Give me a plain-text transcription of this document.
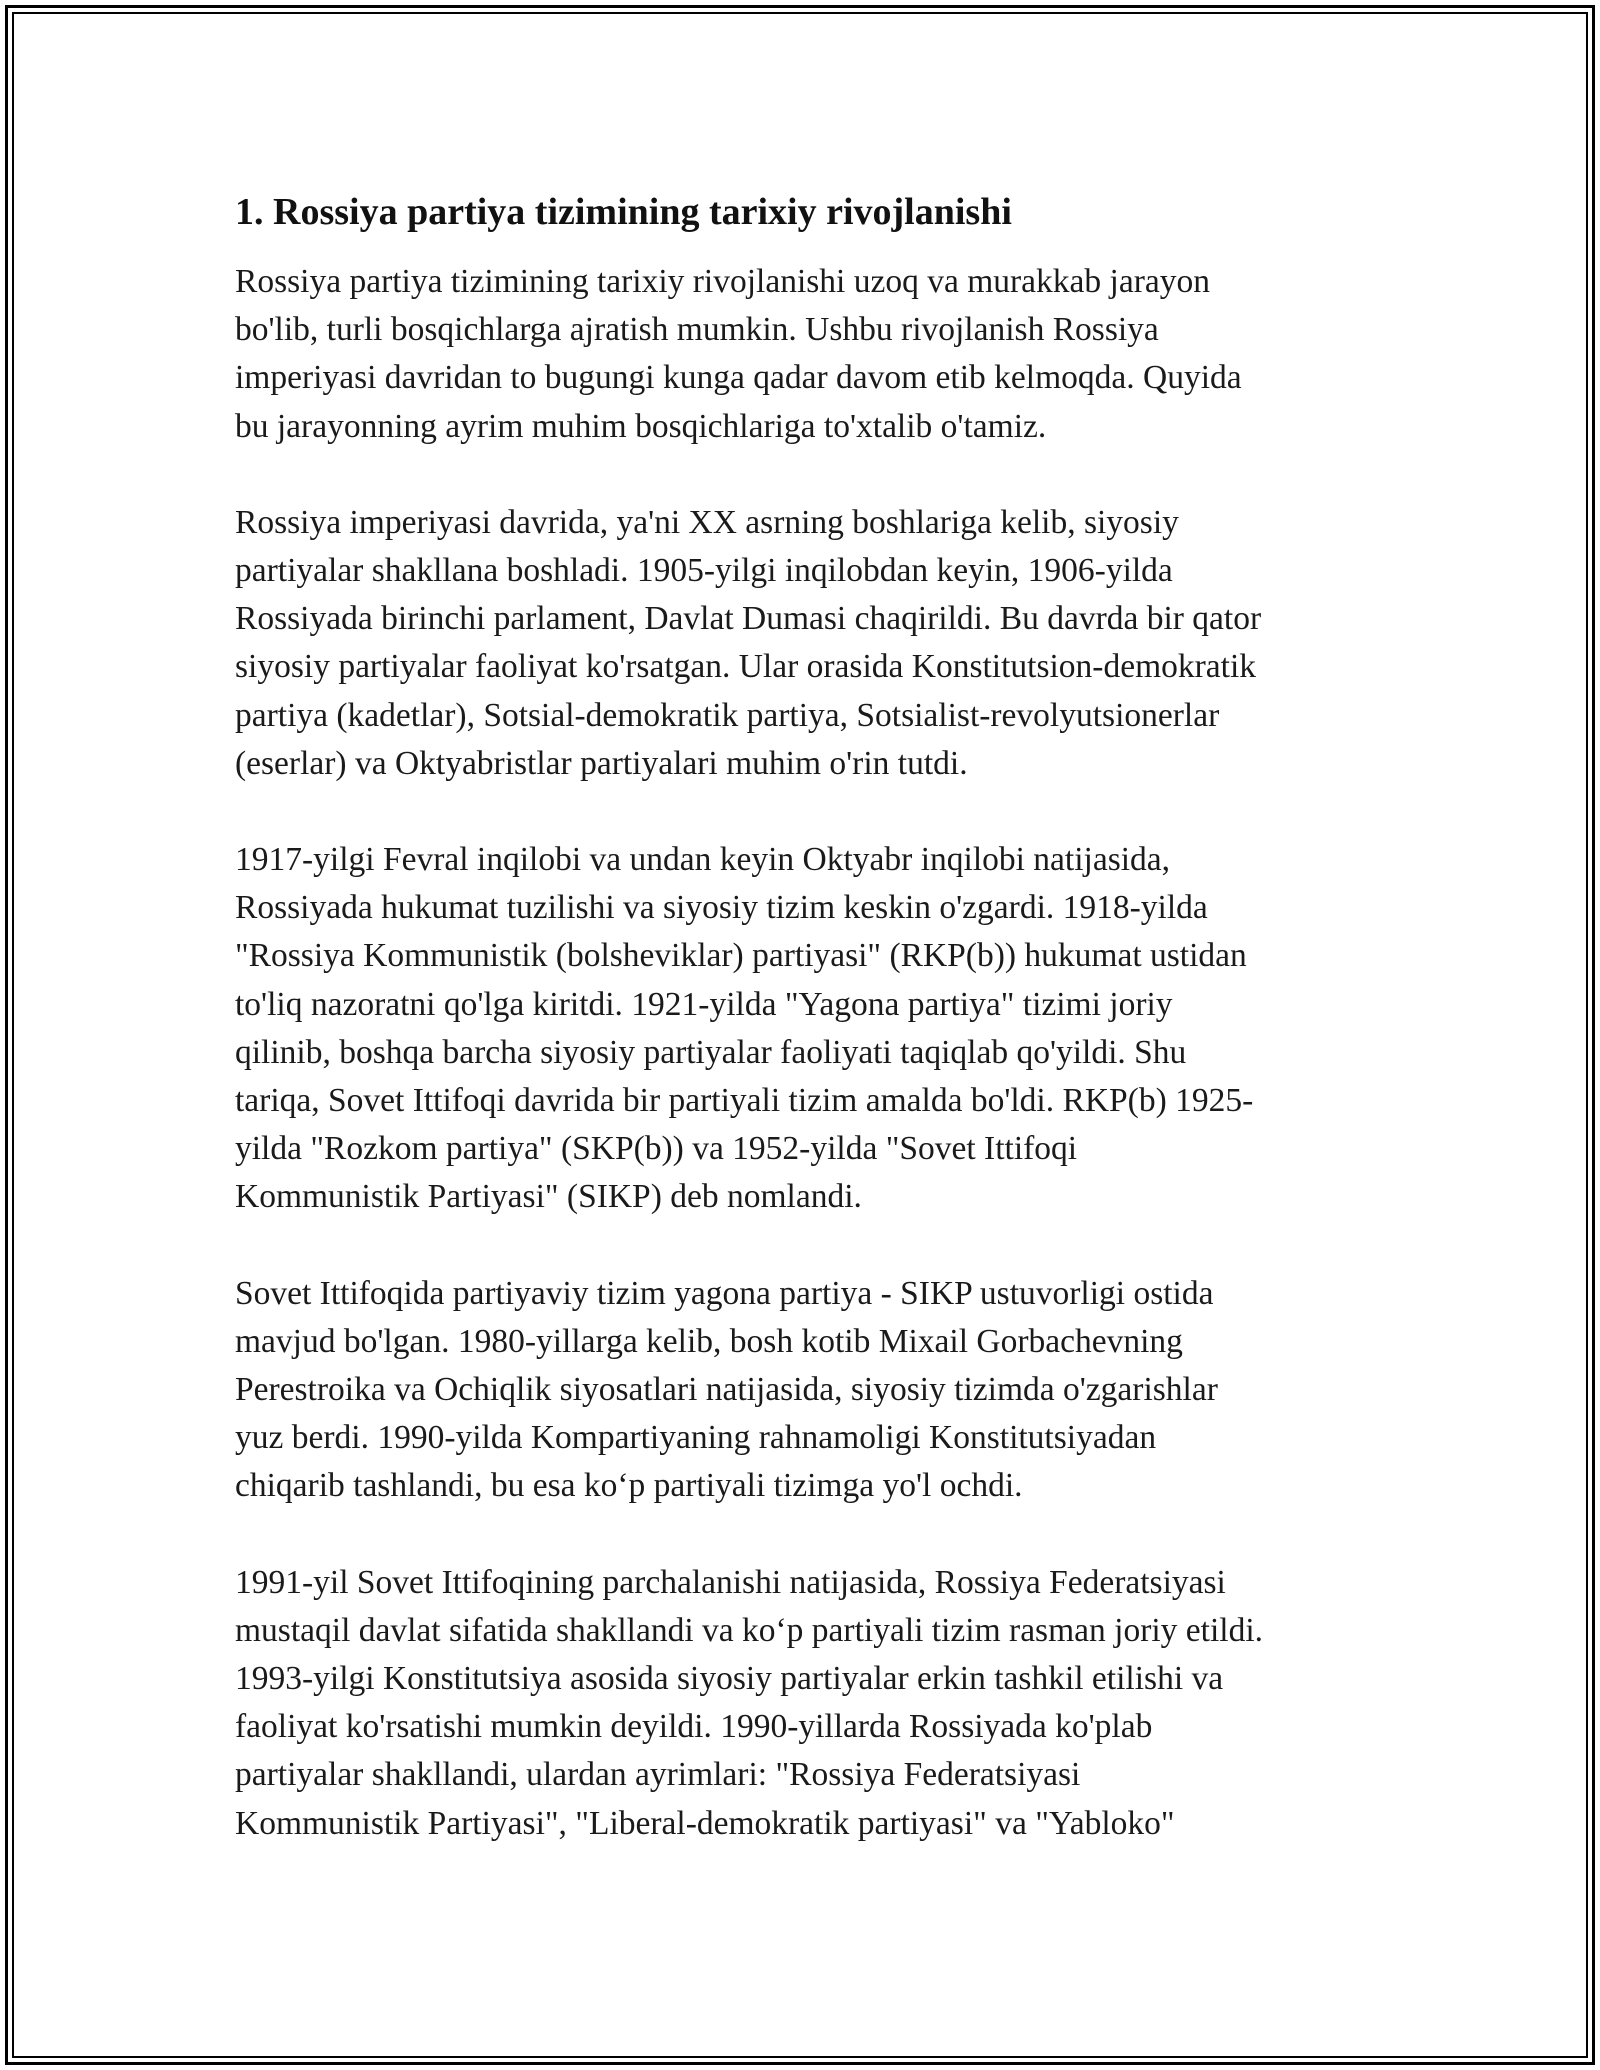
1. Rossiya partiya tizimining tarixiy rivojlanishi

Rossiya partiya tizimining tarixiy rivojlanishi uzoq va murakkab jarayon
bo'lib, turli bosqichlarga ajratish mumkin. Ushbu rivojlanish Rossiya
imperiyasi davridan to bugungi kunga qadar davom etib kelmoqda. Quyida
bu jarayonning ayrim muhim bosqichlariga to'xtalib o'tamiz.

Rossiya imperiyasi davrida, ya'ni XX asrning boshlariga kelib, siyosiy
partiyalar shakllana boshladi. 1905-yilgi inqilobdan keyin, 1906-yilda
Rossiyada birinchi parlament, Davlat Dumasi chaqirildi. Bu davrda bir qator
siyosiy partiyalar faoliyat ko'rsatgan. Ular orasida Konstitutsion-demokratik
partiya (kadetlar), Sotsial-demokratik partiya, Sotsialist-revolyutsionerlar
(eserlar) va Oktyabristlar partiyalari muhim o'rin tutdi.

1917-yilgi Fevral inqilobi va undan keyin Oktyabr inqilobi natijasida,
Rossiyada hukumat tuzilishi va siyosiy tizim keskin o'zgardi. 1918-yilda
"Rossiya Kommunistik (bolsheviklar) partiyasi" (RKP(b)) hukumat ustidan
to'liq nazoratni qo'lga kiritdi. 1921-yilda "Yagona partiya" tizimi joriy
qilinib, boshqa barcha siyosiy partiyalar faoliyati taqiqlab qo'yildi. Shu
tariqa, Sovet Ittifoqi davrida bir partiyali tizim amalda bo'ldi. RKP(b) 1925-
yilda "Rozkom partiya" (SKP(b)) va 1952-yilda "Sovet Ittifoqi
Kommunistik Partiyasi" (SIKP) deb nomlandi.

Sovet Ittifoqida partiyaviy tizim yagona partiya - SIKP ustuvorligi ostida
mavjud bo'lgan. 1980-yillarga kelib, bosh kotib Mixail Gorbachevning
Perestroika va Ochiqlik siyosatlari natijasida, siyosiy tizimda o'zgarishlar
yuz berdi. 1990-yilda Kompartiyaning rahnamoligi Konstitutsiyadan
chiqarib tashlandi, bu esa ko‘p partiyali tizimga yo'l ochdi.

1991-yil Sovet Ittifoqining parchalanishi natijasida, Rossiya Federatsiyasi
mustaqil davlat sifatida shakllandi va ko‘p partiyali tizim rasman joriy etildi.
1993-yilgi Konstitutsiya asosida siyosiy partiyalar erkin tashkil etilishi va
faoliyat ko'rsatishi mumkin deyildi. 1990-yillarda Rossiyada ko'plab
partiyalar shakllandi, ulardan ayrimlari: "Rossiya Federatsiyasi
Kommunistik Partiyasi", "Liberal-demokratik partiyasi" va "Yabloko"
